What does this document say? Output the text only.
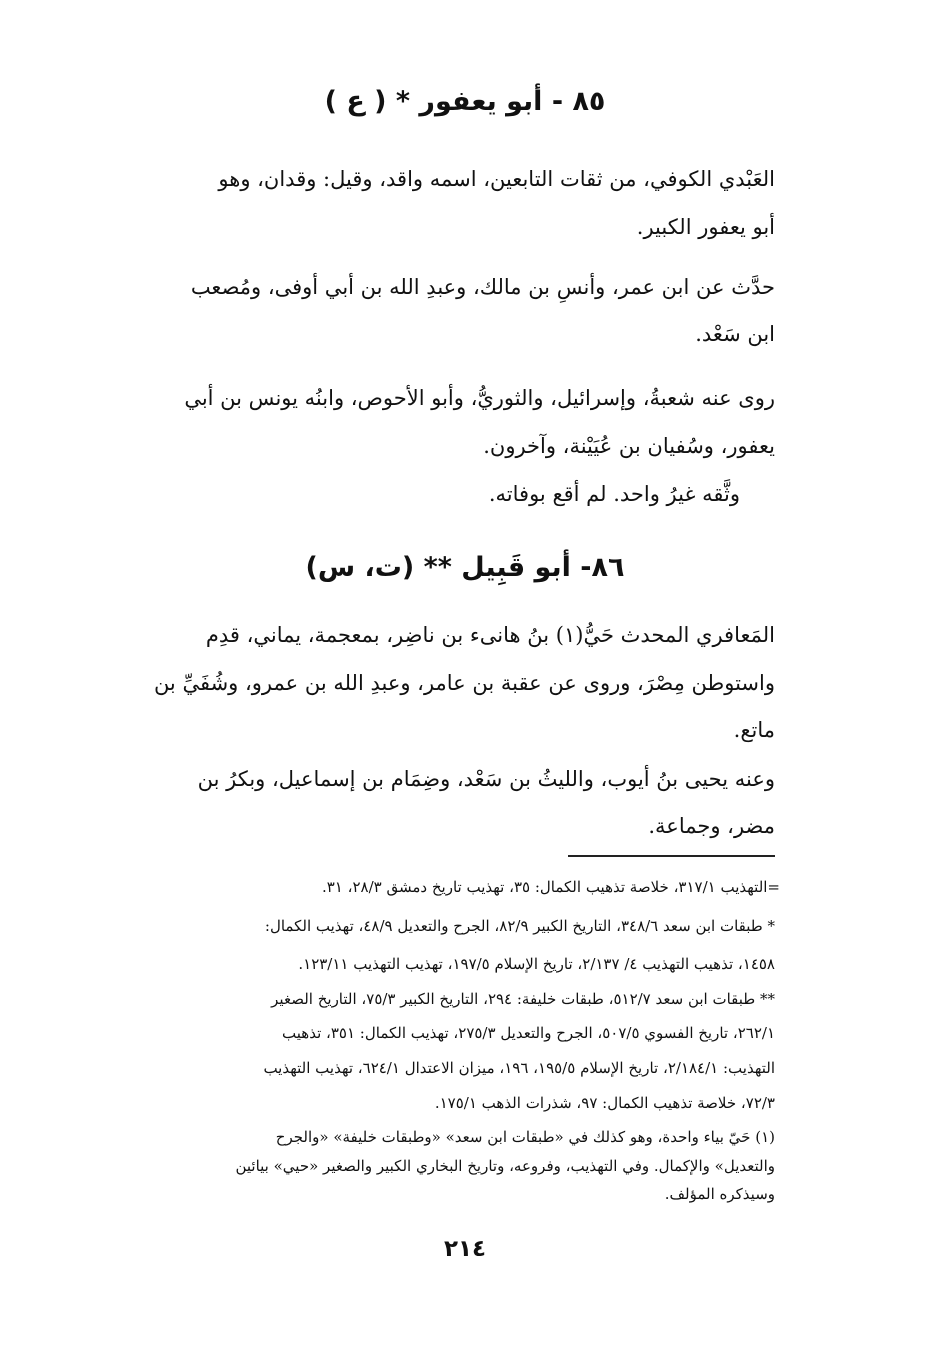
٨٥ - أبو يعفور * ( ع )

العَبْدي الكوفي، من ثقات التابعين، اسمه واقد، وقيل: وقدان، وهو

أبو يعفور الكبير.

حدَّث عن ابن عمر، وأنسِ بن مالك، وعبدِ الله بن أبي أوفى، ومُصعب

ابن سَعْد.

روى عنه شعبةُ، وإسرائيل، والثوريُّ، وأبو الأحوص، وابنُه يونس بن أبي

يعفور، وسُفيان بن عُيَيْنة، وآخرون.

وثَّقه غيرُ واحد. لم أقع بوفاته.

٨٦- أبو قَبِيل ** (ت، س)

المَعافري المحدث حَيُّ(١) بنُ هانىء بن ناضِر، بمعجمة، يماني، قدِم

واستوطن مِصْرَ، وروى عن عقبة بن عامر، وعبدِ الله بن عمرو، وشُفَيِّ بن

ماتع.

وعنه يحيى بنُ أيوب، والليثُ بن سَعْد، وضِمَام بن إسماعيل، وبكرُ بن

مضر، وجماعة.

=التهذيب ٣١٧/١، خلاصة تذهيب الكمال: ٣٥، تهذيب تاريخ دمشق ٢٨/٣، ٣١.

* طبقات ابن سعد ٣٤٨/٦، التاريخ الكبير ٨٢/٩، الجرح والتعديل ٤٨/٩، تهذيب الكمال:

١٤٥٨، تذهيب التهذيب ٤/ ٢/١٣٧، تاريخ الإسلام ١٩٧/٥، تهذيب التهذيب ١٢٣/١١.

** طبقات ابن سعد ٥١٢/٧، طبقات خليفة: ٢٩٤، التاريخ الكبير ٧٥/٣، التاريخ الصغير

٢٦٢/١، تاريخ الفسوي ٥٠٧/٥، الجرح والتعديل ٢٧٥/٣، تهذيب الكمال: ٣٥١، تذهيب

التهذيب: ٢/١٨٤/١، تاريخ الإسلام ١٩٥/٥، ١٩٦، ميزان الاعتدال ٦٢٤/١، تهذيب التهذيب

٧٢/٣، خلاصة تذهيب الكمال: ٩٧، شذرات الذهب ١٧٥/١.

(١) حَيّ بياء واحدة، وهو كذلك في «طبقات ابن سعد» «وطبقات خليفة» «والجرح

والتعديل» والإكمال. وفي التهذيب، وفروعه، وتاريخ البخاري الكبير والصغير «حيي» بيائين

وسيذكره المؤلف.

٢١٤
